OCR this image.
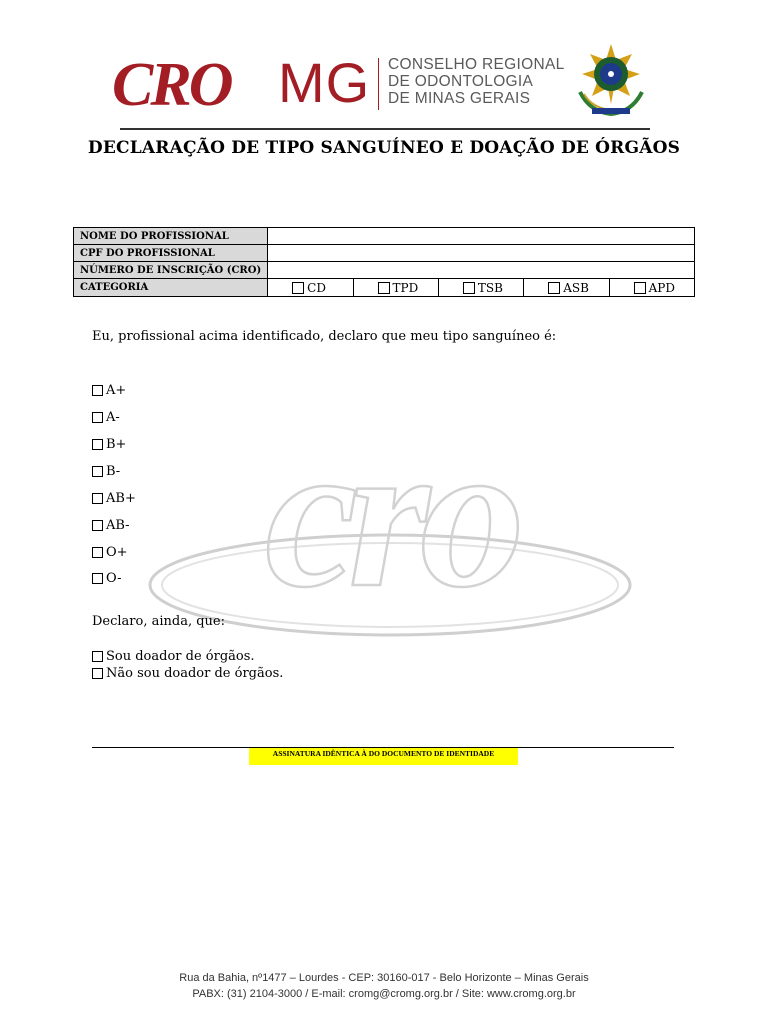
CRO MG CONSELHO REGIONAL
DE ODONTOLOGIA
DE MINAS GERAIS
DECLARAÇÃO DE TIPO SANGUÍNEO E DOAÇÃO DE ÓRGÃOS
NOME DO PROFISSIONAL	
CPF DO PROFISSIONAL	
NÚMERO DE INSCRIÇÃO (CRO)	
CATEGORIA	CD TPD TSB ASB APD
cro
Eu, profissional acima identificado, declaro que meu tipo sanguíneo é:
A+
A-
B+
B-
AB+
AB-
O+
O-
Declaro, ainda, que:
Sou doador de órgãos.
Não sou doador de órgãos.
ASSINATURA IDÊNTICA À DO DOCUMENTO DE IDENTIDADE
Rua da Bahia, nº1477 – Lourdes - CEP: 30160-017 - Belo Horizonte – Minas Gerais
PABX: (31) 2104-3000 / E-mail: cromg@cromg.org.br / Site: www.cromg.org.br
